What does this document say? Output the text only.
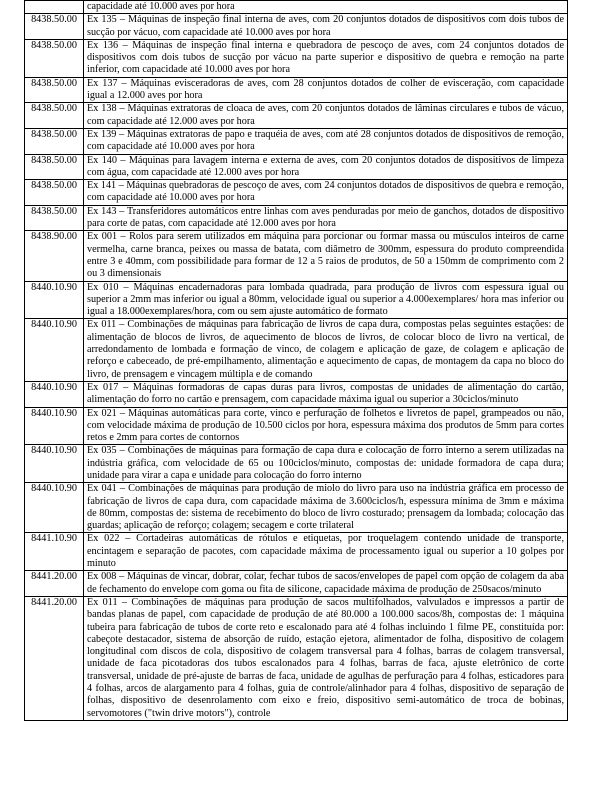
	capacidade até 10.000 aves por hora
8438.50.00	Ex 135 – Máquinas de inspeção final interna de aves, com 20 conjuntos dotados de dispositivos com dois tubos de sucção por vácuo, com capacidade até 10.000 aves por hora
8438.50.00	Ex 136 – Máquinas de inspeção final interna e quebradora de pescoço de aves, com 24 conjuntos dotados de dispositivos com dois tubos de sucção por vácuo na parte superior e dispositivo de quebra e remoção na parte inferior, com capacidade até 10.000 aves por hora
8438.50.00	Ex 137 – Máquinas evisceradoras de aves, com 28 conjuntos dotados de colher de evisceração, com capacidade igual a 12.000 aves por hora
8438.50.00	Ex 138 – Máquinas extratoras de cloaca de aves, com 20 conjuntos dotados de lâminas circulares e tubos de vácuo, com capacidade até 12.000 aves por hora
8438.50.00	Ex 139 – Máquinas extratoras de papo e traquéia de aves, com até 28 conjuntos dotados de dispositivos de remoção, com capacidade até 10.000 aves por hora
8438.50.00	Ex 140 – Máquinas para lavagem interna e externa de aves, com 20 conjuntos dotados de dispositivos de limpeza com água, com capacidade até 12.000 aves por hora
8438.50.00	Ex 141 – Máquinas quebradoras de pescoço de aves, com 24 conjuntos dotados de dispositivos de quebra e remoção, com capacidade até 10.000 aves por hora
8438.50.00	Ex 143 – Transferidores automáticos entre linhas com aves penduradas por meio de ganchos, dotados de dispositivo para corte de patas, com capacidade até 12.000 aves por hora
8438.90.00	Ex 001 – Rolos para serem utilizados em máquina para porcionar ou formar massa ou músculos inteiros de carne vermelha, carne branca, peixes ou massa de batata, com diâmetro de 300mm, espessura do produto compreendida entre 3 e 40mm, com possibilidade para formar de 12 a 5 raios de produtos, de 50 a 150mm de comprimento com 2 ou 3 dimensionais
8440.10.90	Ex 010 – Máquinas encadernadoras para lombada quadrada, para produção de livros com espessura igual ou superior a 2mm mas inferior ou igual a 80mm, velocidade igual ou superior a 4.000exemplares/ hora mas inferior ou igual a 18.000exemplares/hora, com ou sem ajuste automático de formato
8440.10.90	Ex 011 – Combinações de máquinas para fabricação de livros de capa dura, compostas pelas seguintes estações: de alimentação de blocos de livros, de aquecimento de blocos de livros, de colocar bloco de livro na vertical, de arredondamento de lombada e formação de vinco, de colagem e aplicação de gaze, de colagem e aplicação de reforço e cabeceado, de pré-empilhamento, alimentação e aquecimento de capas, de montagem da capa no bloco do livro, de prensagem e vincagem múltipla e de comando
8440.10.90	Ex 017 – Máquinas formadoras de capas duras para livros, compostas de unidades de alimentação do cartão, alimentação do forro no cartão e prensagem, com capacidade máxima igual ou superior a 30ciclos/minuto
8440.10.90	Ex 021 – Máquinas automáticas para corte, vinco e perfuração de folhetos e livretos de papel, grampeados ou não, com velocidade máxima de produção de 10.500 ciclos por hora, espessura máxima dos produtos de 5mm para cortes retos e 2mm para cortes de contornos
8440.10.90	Ex 035 – Combinações de máquinas para formação de capa dura e colocação de forro interno a serem utilizadas na indústria gráfica, com velocidade de 65 ou 100ciclos/minuto, compostas de: unidade formadora de capa dura; unidade para virar a capa e unidade para colocação do forro interno
8440.10.90	Ex 041 – Combinações de máquinas para produção de miolo do livro para uso na indústria gráfica em processo de fabricação de livros de capa dura, com capacidade máxima de 3.600ciclos/h, espessura mínima de 3mm e máxima de 80mm, compostas de: sistema de recebimento do bloco de livro costurado; prensagem da lombada; colocação das guardas; aplicação de reforço; colagem; secagem e corte trilateral
8441.10.90	Ex 022 – Cortadeiras automáticas de rótulos e etiquetas, por troquelagem contendo unidade de transporte, encintagem e separação de pacotes, com capacidade máxima de processamento igual ou superior a 10 golpes por minuto
8441.20.00	Ex 008 – Máquinas de vincar, dobrar, colar, fechar tubos de sacos/envelopes de papel com opção de colagem da aba de fechamento do envelope com goma ou fita de silicone, capacidade máxima de produção de 250sacos/minuto
8441.20.00	Ex 011 – Combinações de máquinas para produção de sacos multifolhados, valvulados e impressos a partir de bandas planas de papel, com capacidade de produção de até 80.000 a 100.000 sacos/8h, compostas de: 1 máquina tubeira para fabricação de tubos de corte reto e escalonado para até 4 folhas incluindo 1 filme PE, constituída por: cabeçote destacador, sistema de absorção de ruído, estação ejetora, alimentador de folha, dispositivo de colagem longitudinal com discos de cola, dispositivo de colagem transversal para 4 folhas, barras de colagem transversal, unidade de faca picotadoras dos tubos escalonados para 4 folhas, barras de faca, ajuste eletrônico de corte transversal, unidade de pré-ajuste de barras de faca, unidade de agulhas de perfuração para 4 folhas, esticadores para 4 folhas, arcos de alargamento para 4 folhas, guia de controle/alinhador para 4 folhas, dispositivo de separação de folhas, dispositivo de desenrolamento com eixo e freio, dispositivo semi-automático de troca de bobinas, servomotores ("twin drive motors"), controle
